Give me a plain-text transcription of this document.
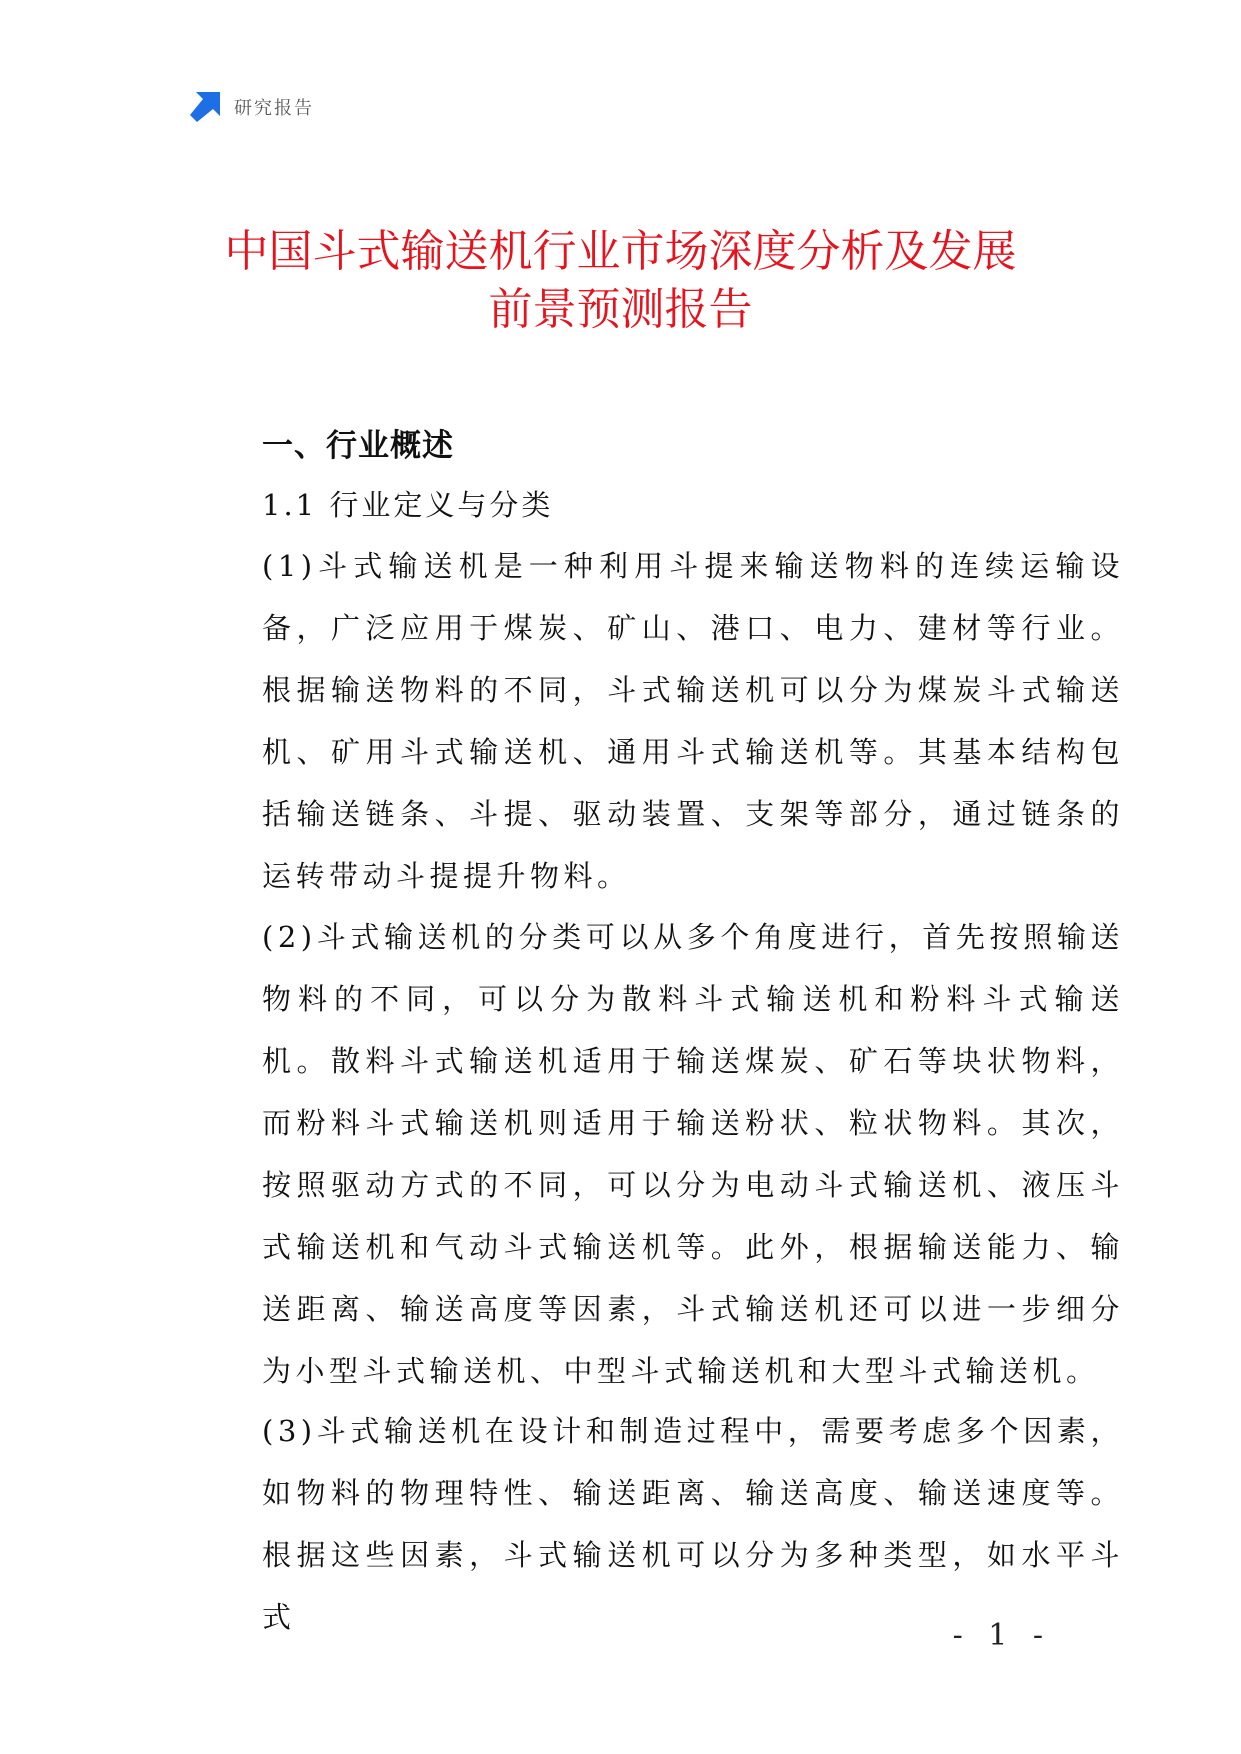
研究报告
中国斗式输送机行业市场深度分析及发展
前景预测报告
一、行业概述
1.1 行业定义与分类

(1)斗式输送机是一种利用斗提来输送物料的连续运输设备，广泛应用于煤炭、矿山、港口、电力、建材等行业。根据输送物料的不同，斗式输送机可以分为煤炭斗式输送机、矿用斗式输送机、通用斗式输送机等。其基本结构包括输送链条、斗提、驱动装置、支架等部分，通过链条的运转带动斗提提升物料。

(2)斗式输送机的分类可以从多个角度进行，首先按照输送物料的不同，可以分为散料斗式输送机和粉料斗式输送机。散料斗式输送机适用于输送煤炭、矿石等块状物料，而粉料斗式输送机则适用于输送粉状、粒状物料。其次，按照驱动方式的不同，可以分为电动斗式输送机、液压斗式输送机和气动斗式输送机等。此外，根据输送能力、输送距离、输送高度等因素，斗式输送机还可以进一步细分为小型斗式输送机、中型斗式输送机和大型斗式输送机。

(3)斗式输送机在设计和制造过程中，需要考虑多个因素，如物料的物理特性、输送距离、输送高度、输送速度等。根据这些因素，斗式输送机可以分为多种类型，如水平斗式

- 1 -
